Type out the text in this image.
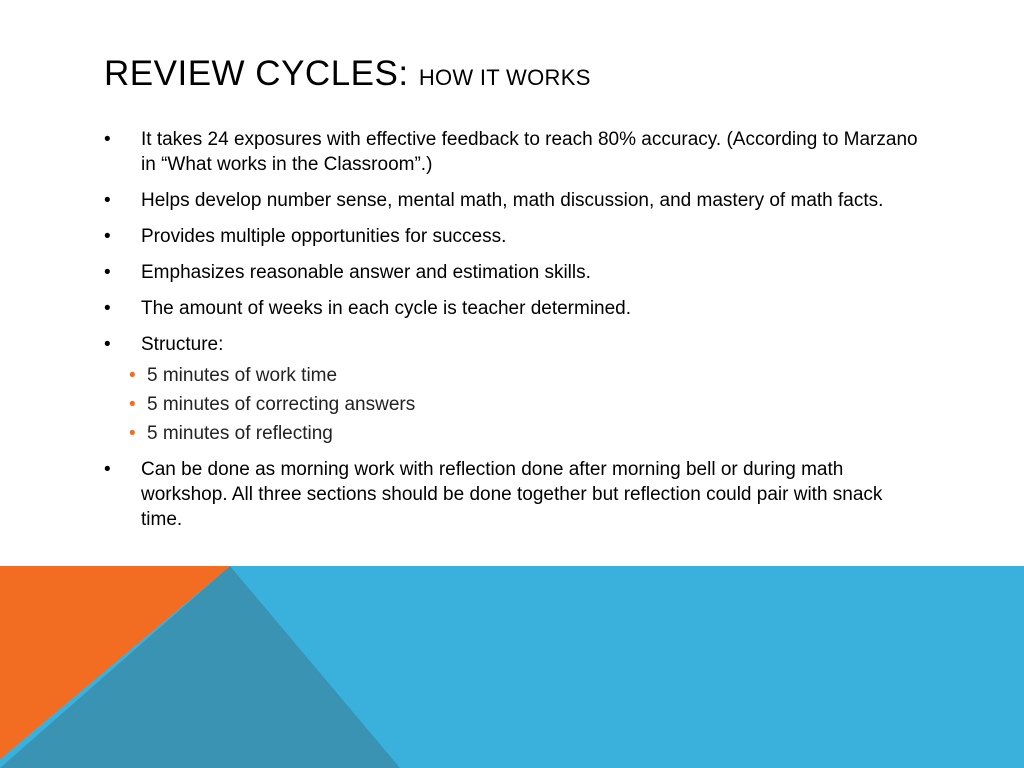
REVIEW CYCLES: HOW IT WORKS
• It takes 24 exposures with effective feedback to reach 80% accuracy. (According to Marzano in “What works in the Classroom”.)
• Helps develop number sense, mental math, math discussion, and mastery of math facts.
• Provides multiple opportunities for success.
• Emphasizes reasonable answer and estimation skills.
• The amount of weeks in each cycle is teacher determined.
• Structure:
• 5 minutes of work time
• 5 minutes of correcting answers
• 5 minutes of reflecting
• Can be done as morning work with reflection done after morning bell or during math workshop. All three sections should be done together but reflection could pair with snack time.
